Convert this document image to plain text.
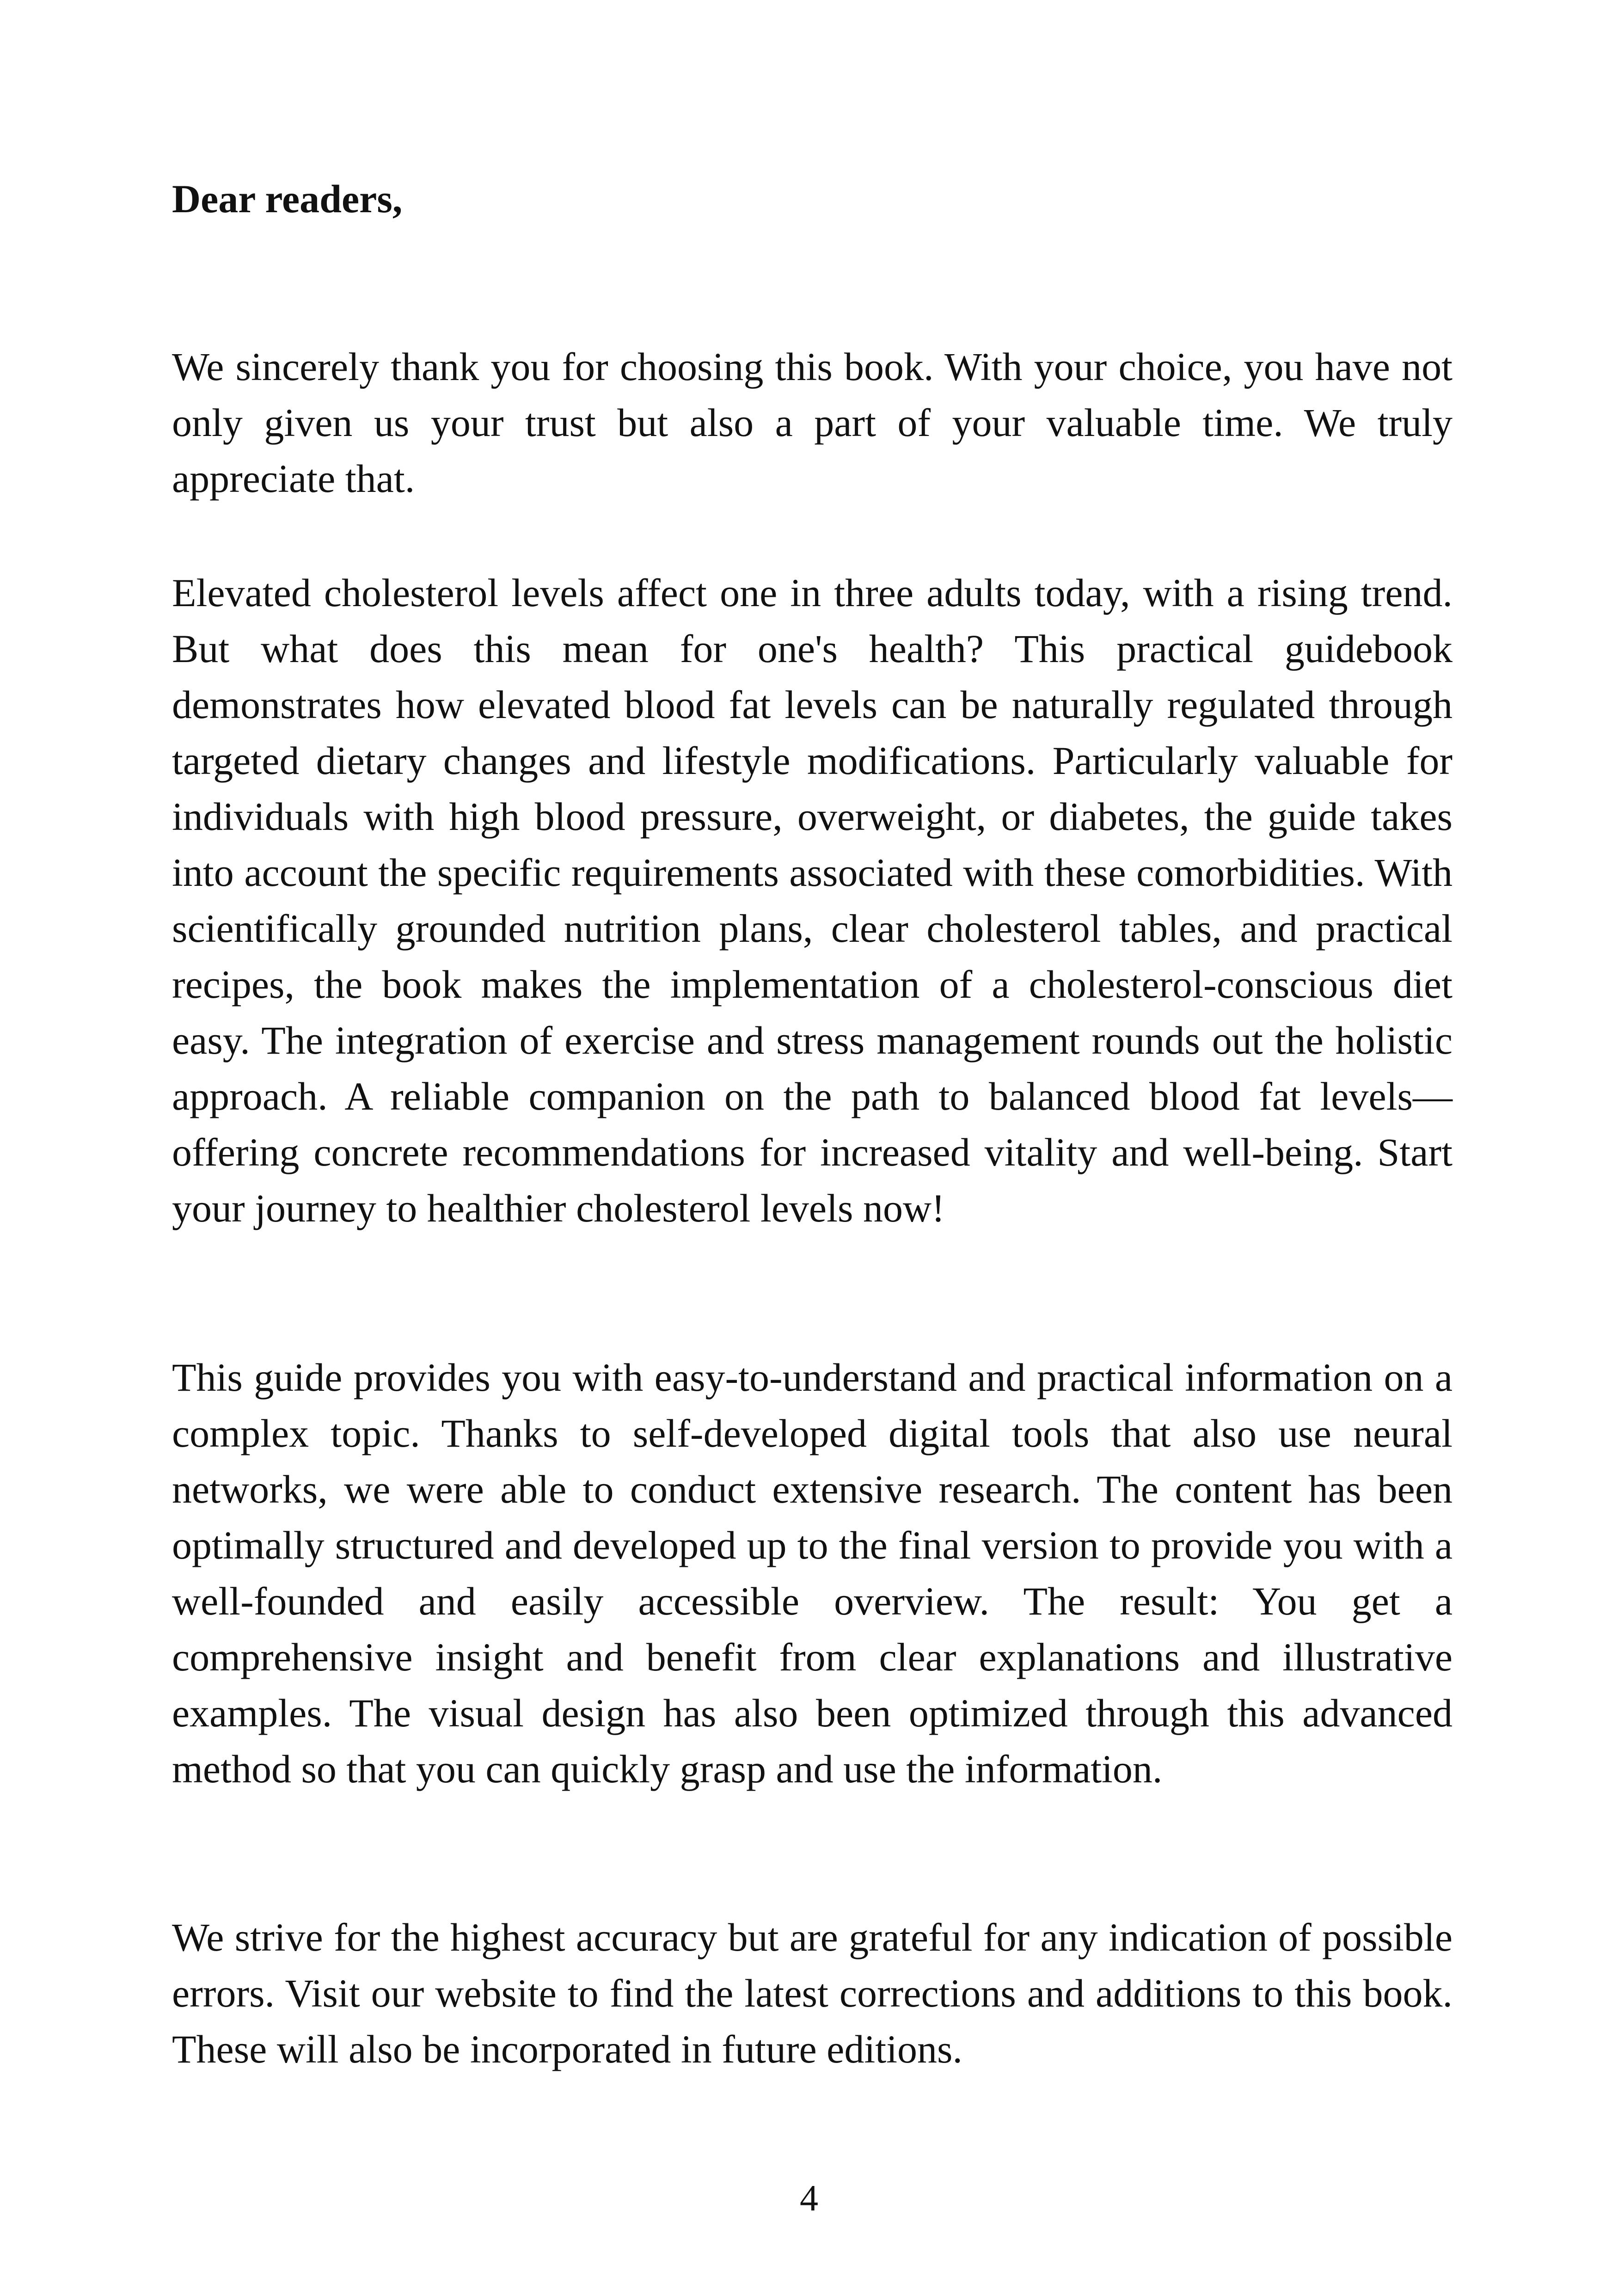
Dear readers,

We sincerely thank you for choosing this book. With your choice, you have not only given us your trust but also a part of your valuable time. We truly appreciate that.

Elevated cholesterol levels affect one in three adults today, with a rising trend. But what does this mean for one's health? This practical guidebook demonstrates how elevated blood fat levels can be naturally regulated through targeted dietary changes and lifestyle modifications. Particularly valuable for individuals with high blood pressure, overweight, or diabetes, the guide takes into account the specific requirements associated with these comorbidities. With scientifically grounded nutrition plans, clear cholesterol tables, and practical recipes, the book makes the implementation of a cholesterol-conscious diet easy. The integration of exercise and stress management rounds out the holistic approach. A reliable companion on the path to balanced blood fat levels—offering concrete recommendations for increased vitality and well-being. Start your journey to healthier cholesterol levels now!

This guide provides you with easy-to-understand and practical information on a complex topic. Thanks to self-developed digital tools that also use neural networks, we were able to conduct extensive research. The content has been optimally structured and developed up to the final version to provide you with a well-founded and easily accessible overview. The result: You get a comprehensive insight and benefit from clear explanations and illustrative examples. The visual design has also been optimized through this advanced method so that you can quickly grasp and use the information.

We strive for the highest accuracy but are grateful for any indication of possible errors. Visit our website to find the latest corrections and additions to this book. These will also be incorporated in future editions.

4
